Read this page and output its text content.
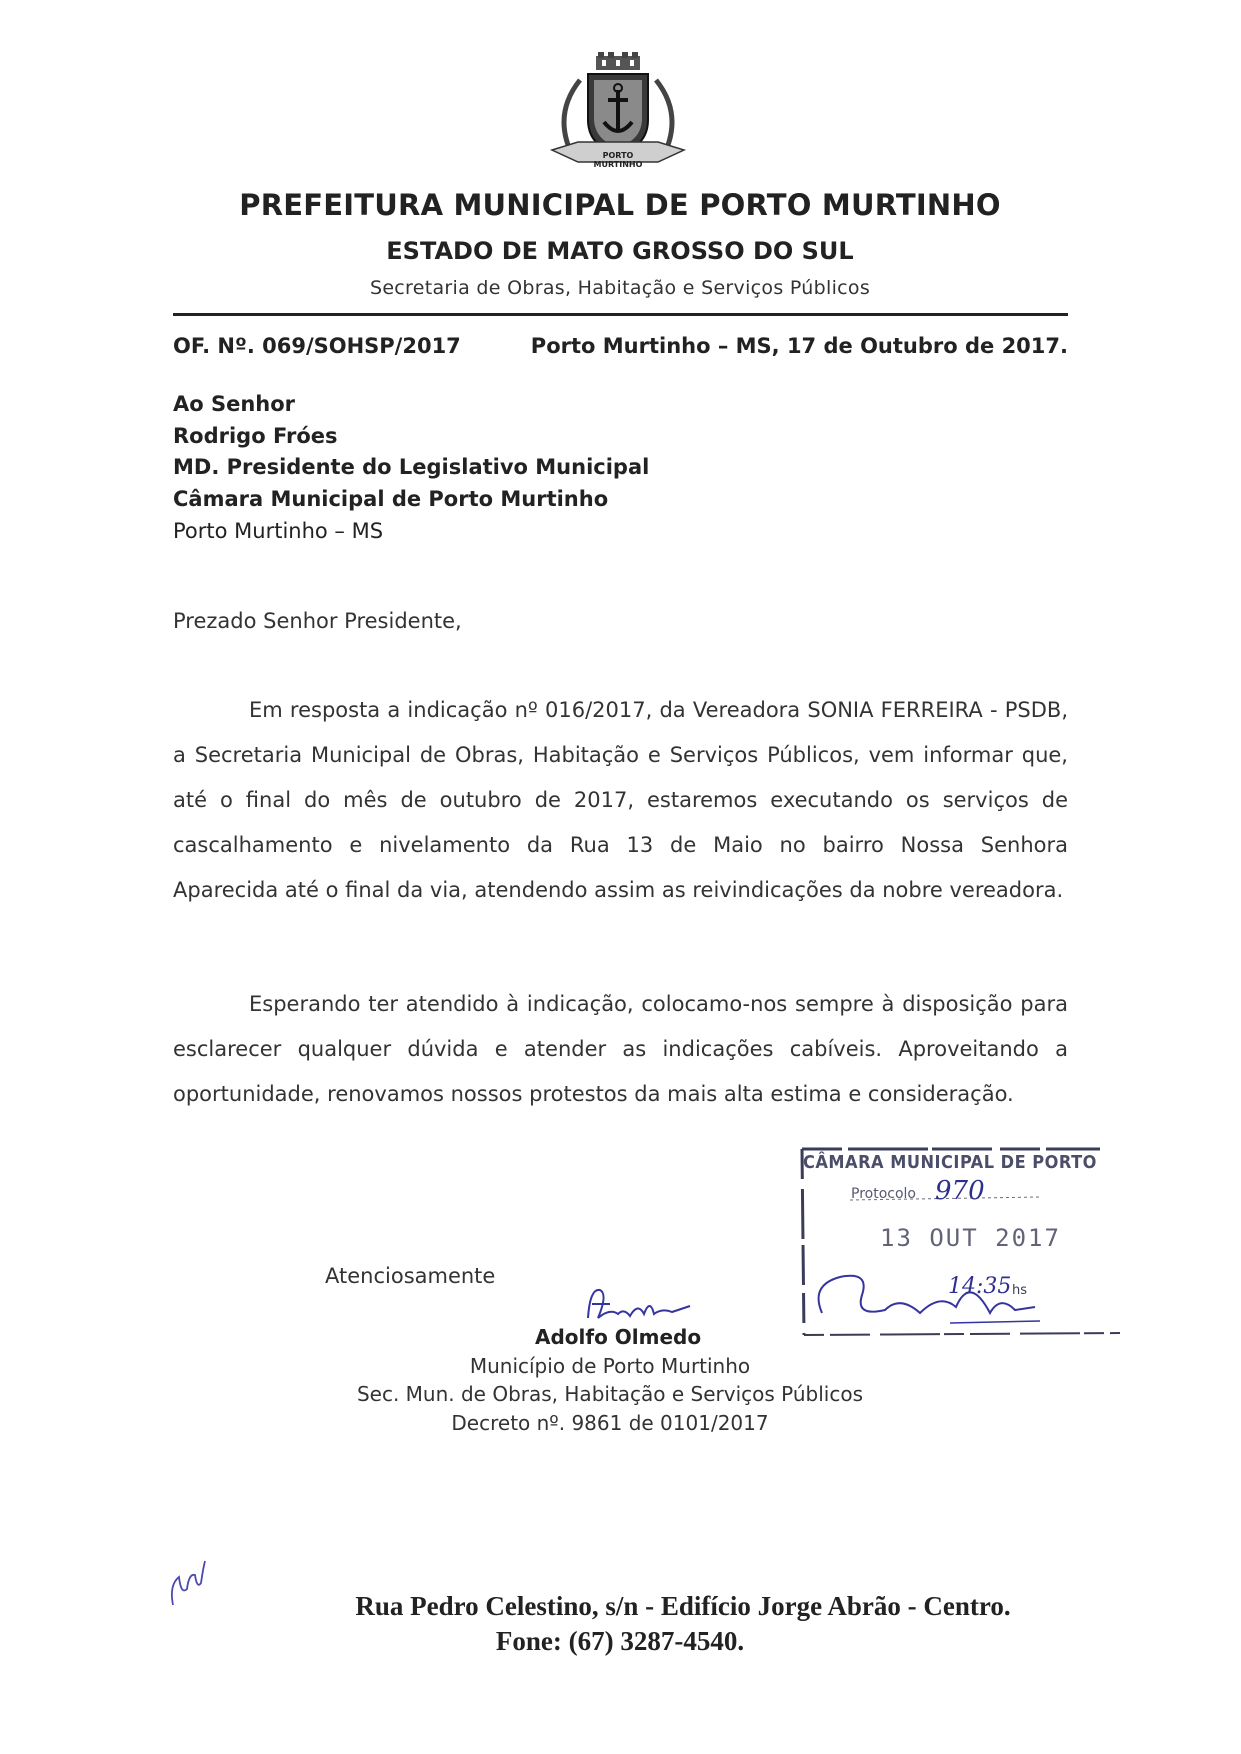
PORTO MURTINHO
PREFEITURA MUNICIPAL DE PORTO MURTINHO
ESTADO DE MATO GROSSO DO SUL
Secretaria de Obras, Habitação e Serviços Públicos
OF. Nº. 069/SOHSP/2017	Porto Murtinho – MS, 17 de Outubro de 2017.
Ao Senhor
Rodrigo Fróes
MD. Presidente do Legislativo Municipal
Câmara Municipal de Porto Murtinho
Porto Murtinho – MS
Prezado Senhor Presidente,
Em resposta a indicação nº 016/2017, da Vereadora SONIA FERREIRA - PSDB, a Secretaria Municipal de Obras, Habitação e Serviços Públicos, vem informar que, até o final do mês de outubro de 2017, estaremos executando os serviços de cascalhamento e nivelamento da Rua 13 de Maio no bairro Nossa Senhora Aparecida até o final da via, atendendo assim as reivindicações da nobre vereadora.
Esperando ter atendido à indicação, colocamo-nos sempre à disposição para esclarecer qualquer dúvida e atender as indicações cabíveis. Aproveitando a oportunidade, renovamos nossos protestos da mais alta estima e consideração.
Atenciosamente
Adolfo Olmedo
Município de Porto Murtinho
Sec. Mun. de Obras, Habitação e Serviços Públicos
Decreto nº. 9861 de 0101/2017
CÂMARA MUNICIPAL DE PORTO
Protocolo 970
13 OUT 2017
14:35 hs
Rua Pedro Celestino, s/n - Edifício Jorge Abrão - Centro.
Fone: (67) 3287-4540.
